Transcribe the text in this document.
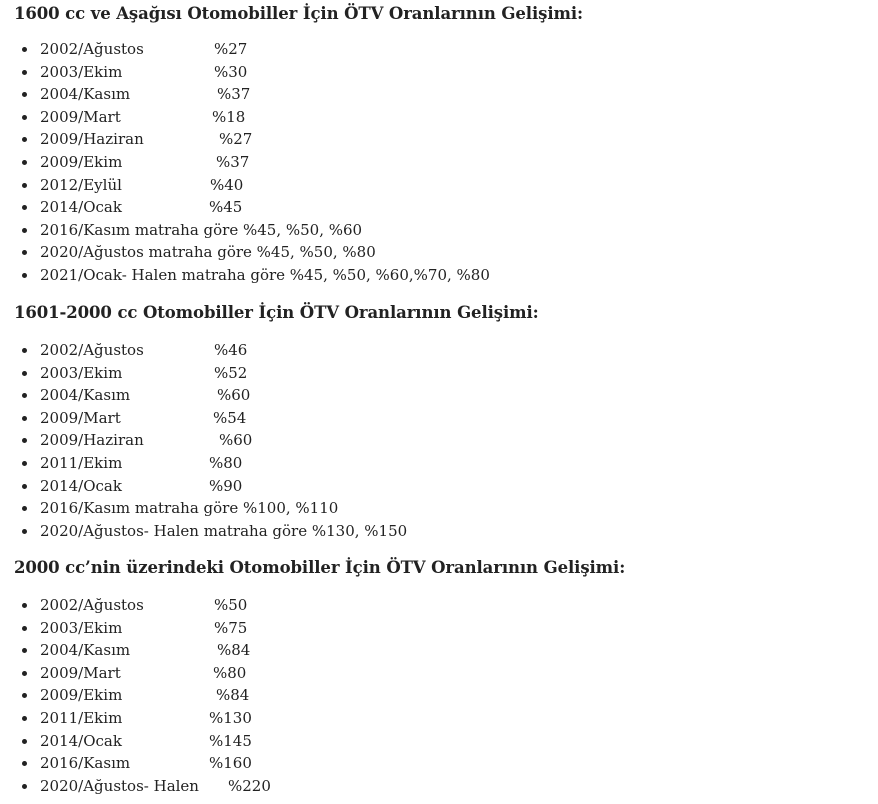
1600 cc ve Aşağısı Otomobiller İçin ÖTV Oranlarının Gelişimi:
2002/Ağustos	%27
2003/Ekim	%30
2004/Kasım	%37
2009/Mart	%18
2009/Haziran	%27
2009/Ekim	%37
2012/Eylül	%40
2014/Ocak	%45
2016/Kasım matraha göre %45, %50, %60
2020/Ağustos matraha göre %45, %50, %80
2021/Ocak- Halen matraha göre %45, %50, %60,%70, %80
1601-2000 cc Otomobiller İçin ÖTV Oranlarının Gelişimi:
2002/Ağustos	%46
2003/Ekim	%52
2004/Kasım	%60
2009/Mart	%54
2009/Haziran	%60
2011/Ekim	%80
2014/Ocak	%90
2016/Kasım matraha göre %100, %110
2020/Ağustos- Halen matraha göre %130, %150
2000 cc’nin üzerindeki Otomobiller İçin ÖTV Oranlarının Gelişimi:
2002/Ağustos	%50
2003/Ekim	%75
2004/Kasım	%84
2009/Mart	%80
2009/Ekim	%84
2011/Ekim	%130
2014/Ocak	%145
2016/Kasım	%160
2020/Ağustos- Halen %220
